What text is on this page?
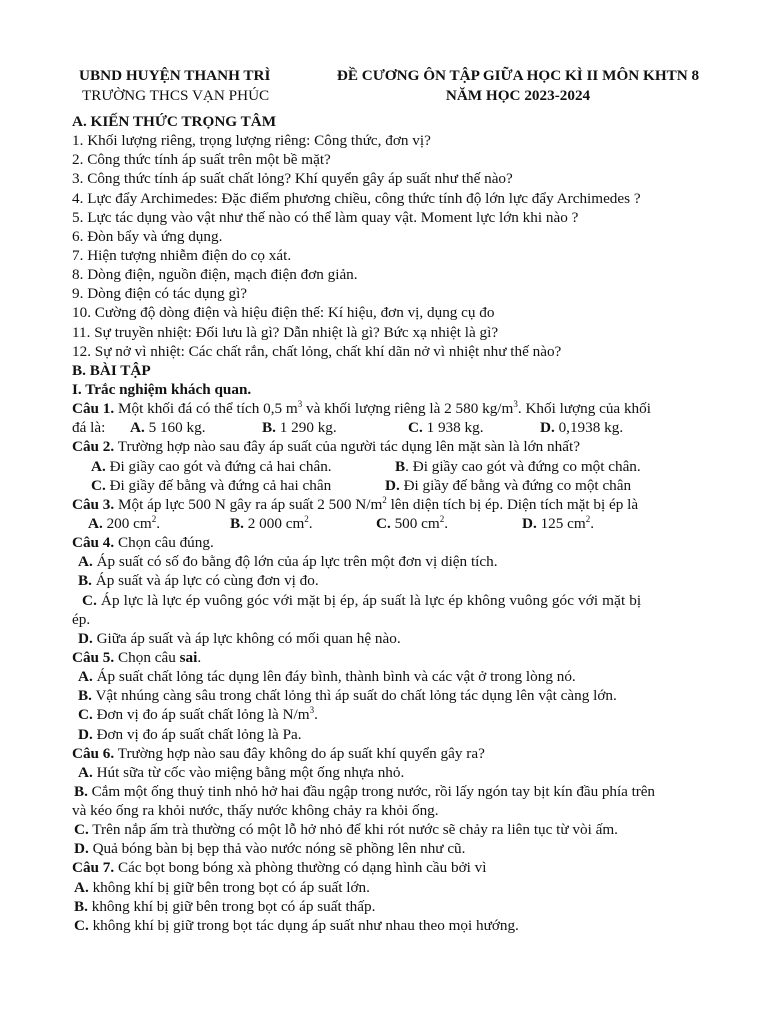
UBND HUYỆN THANH TRÌ
TRƯỜNG THCS VẠN PHÚC
ĐỀ CƯƠNG ÔN TẬP GIỮA HỌC KÌ II MÔN KHTN 8
NĂM HỌC 2023-2024
A. KIẾN THỨC TRỌNG TÂM
1. Khối lượng riêng, trọng lượng riêng: Công thức, đơn vị?
2. Công thức tính áp suất trên một bề mặt?
3. Công thức tính áp suất chất lỏng? Khí quyển gây áp suất như thế nào?
4. Lực đẩy Archimedes: Đặc điểm phương chiều, công thức tính độ lớn lực đẩy Archimedes ?
5. Lực tác dụng vào vật như thế nào có thể làm quay vật. Moment lực lớn khi nào ?
6. Đòn bẩy và ứng dụng.
7. Hiện tượng nhiễm điện do cọ xát.
8. Dòng điện, nguồn điện, mạch điện đơn giản.
9. Dòng điện có tác dụng gì?
10. Cường độ dòng điện và hiệu điện thế: Kí hiệu, đơn vị, dụng cụ đo
11. Sự truyền nhiệt: Đối lưu là gì? Dẫn nhiệt là gì? Bức xạ nhiệt là gì?
12. Sự nở vì nhiệt: Các chất rắn, chất lỏng, chất khí dãn nở vì nhiệt như thế nào?
B. BÀI TẬP
I. Trắc nghiệm khách quan.
Câu 1. Một khối đá có thể tích 0,5 $m^3$ và khối lượng riêng là 2 580 $kg/m^3$. Khối lượng của khối
đá là: A. 5 160 kg.	B. 1 290 kg.	C. 1 938 kg.	D. 0,1938 kg.
Câu 2. Trường hợp nào sau đây áp suất của người tác dụng lên mặt sàn là lớn nhất?
A. Đi giầy cao gót và đứng cả hai chân.	B. Đi giầy cao gót và đứng co một chân.
C. Đi giầy đế bằng và đứng cả hai chân	D. Đi giầy đế bằng và đứng co một chân
Câu 3. Một áp lực 500 N gây ra áp suất 2 500 $N/m^2$ lên diện tích bị ép. Diện tích mặt bị ép là
A. 200 $cm^2$.	B. 2 000 $cm^2$.	C. 500 $cm^2$.	D. 125 $cm^2$.
Câu 4. Chọn câu đúng.
A. Áp suất có số đo bằng độ lớn của áp lực trên một đơn vị diện tích.
B. Áp suất và áp lực có cùng đơn vị đo.
C. Áp lực là lực ép vuông góc với mặt bị ép, áp suất là lực ép không vuông góc với mặt bị
ép.
D. Giữa áp suất và áp lực không có mối quan hệ nào.
Câu 5. Chọn câu sai.
A. Áp suất chất lỏng tác dụng lên đáy bình, thành bình và các vật ở trong lòng nó.
B. Vật nhúng càng sâu trong chất lỏng thì áp suất do chất lỏng tác dụng lên vật càng lớn.
C. Đơn vị đo áp suất chất lỏng là $N/m^3$.
D. Đơn vị đo áp suất chất lỏng là Pa.
Câu 6. Trường hợp nào sau đây không do áp suất khí quyển gây ra?
A. Hút sữa từ cốc vào miệng bằng một ống nhựa nhỏ.
B. Cắm một ống thuỷ tinh nhỏ hở hai đầu ngập trong nước, rồi lấy ngón tay bịt kín đầu phía trên
và kéo ống ra khỏi nước, thấy nước không chảy ra khỏi ống.
C. Trên nắp ấm trà thường có một lỗ hở nhỏ để khi rót nước sẽ chảy ra liên tục từ vòi ấm.
D. Quả bóng bàn bị bẹp thả vào nước nóng sẽ phồng lên như cũ.
Câu 7. Các bọt bong bóng xà phòng thường có dạng hình cầu bởi vì
A. không khí bị giữ bên trong bọt có áp suất lớn.
B. không khí bị giữ bên trong bọt có áp suất thấp.
C. không khí bị giữ trong bọt tác dụng áp suất như nhau theo mọi hướng.
